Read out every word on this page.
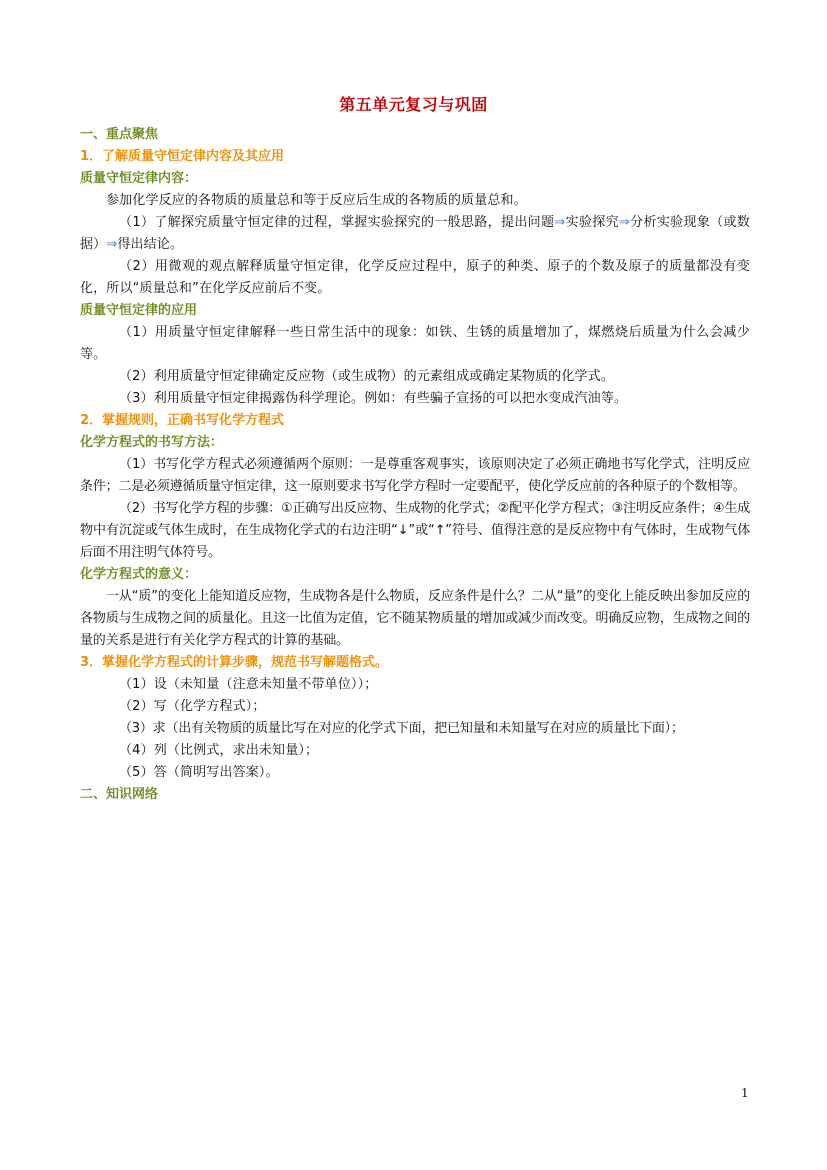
第五单元复习与巩固
一、重点聚焦
1．了解质量守恒定律内容及其应用
质量守恒定律内容：
参加化学反应的各物质的质量总和等于反应后生成的各物质的质量总和。
（1）了解探究质量守恒定律的过程，掌握实验探究的一般思路，提出问题⇒实验探究⇒分析实验现象（或数据）⇒得出结论。
（2）用微观的观点解释质量守恒定律，化学反应过程中，原子的种类、原子的个数及原子的质量都没有变化，所以“质量总和”在化学反应前后不变。
质量守恒定律的应用
（1）用质量守恒定律解释一些日常生活中的现象：如铁、生锈的质量增加了，煤燃烧后质量为什么会减少等。
（2）利用质量守恒定律确定反应物（或生成物）的元素组成或确定某物质的化学式。
（3）利用质量守恒定律揭露伪科学理论。例如：有些骗子宣扬的可以把水变成汽油等。
2．掌握规则，正确书写化学方程式
化学方程式的书写方法：
（1）书写化学方程式必须遵循两个原则：一是尊重客观事实，该原则决定了必须正确地书写化学式，注明反应条件；二是必须遵循质量守恒定律，这一原则要求书写化学方程时一定要配平，使化学反应前的各种原子的个数相等。
（2）书写化学方程的步骤：①正确写出反应物、生成物的化学式；②配平化学方程式；③注明反应条件；④生成物中有沉淀或气体生成时，在生成物化学式的右边注明“↓”或“↑”符号、值得注意的是反应物中有气体时，生成物气体后面不用注明气体符号。
化学方程式的意义：
一从“质”的变化上能知道反应物，生成物各是什么物质，反应条件是什么？二从“量”的变化上能反映出参加反应的各物质与生成物之间的质量化。且这一比值为定值，它不随某物质量的增加或减少而改变。明确反应物，生成物之间的量的关系是进行有关化学方程式的计算的基础。
3．掌握化学方程式的计算步骤，规范书写解题格式。
（1）设（未知量（注意未知量不带单位））；
（2）写（化学方程式）；
（3）求（出有关物质的质量比写在对应的化学式下面，把已知量和未知量写在对应的质量比下面）；
（4）列（比例式，求出未知量）；
（5）答（简明写出答案）。
二、知识网络
1
